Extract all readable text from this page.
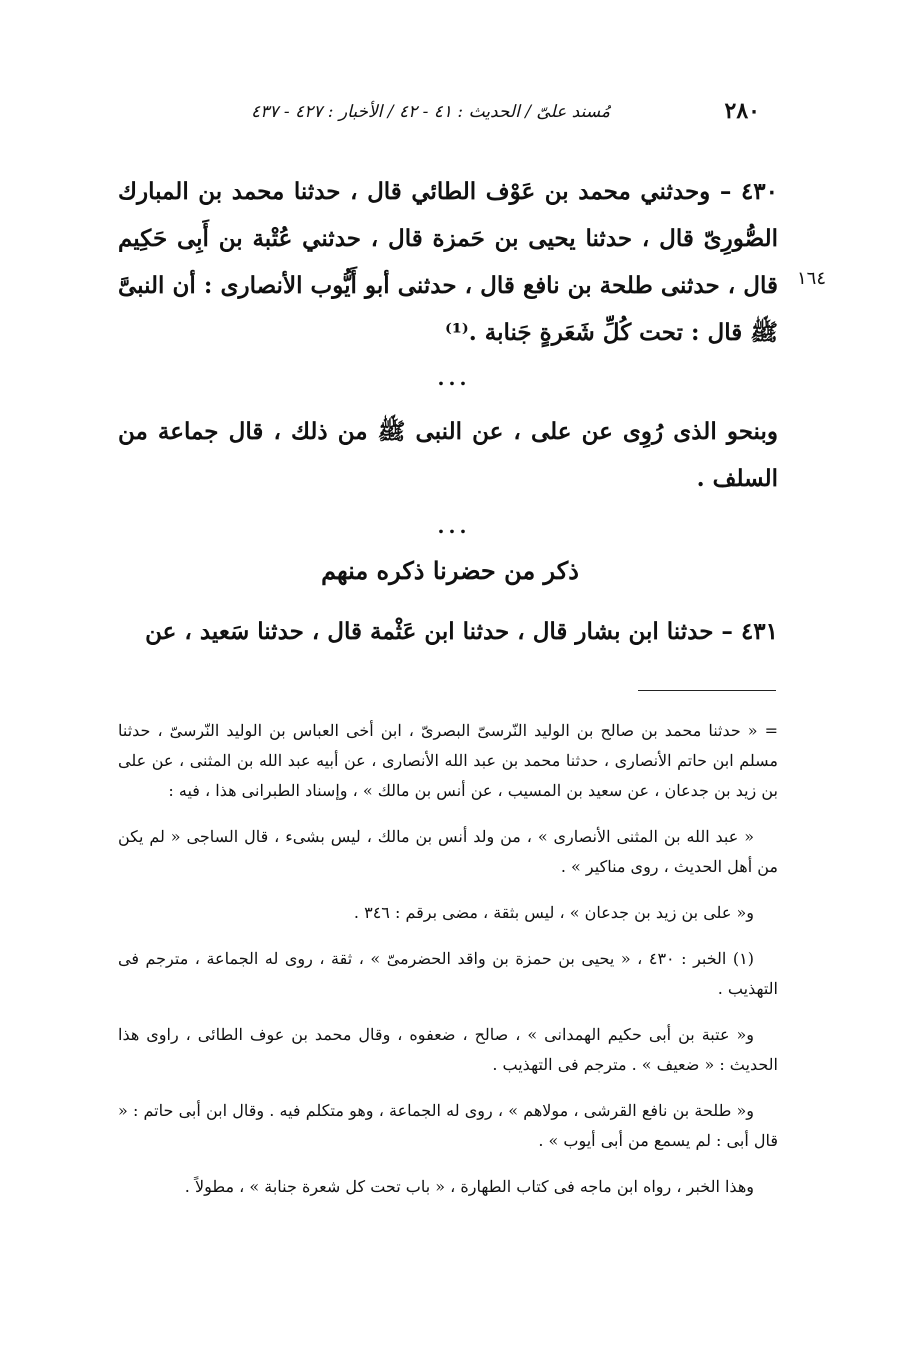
٢٨٠
مُسند علىّ / الحديث : ٤١ - ٤٢ / الأخبار : ٤٢٧ - ٤٣٧
٤٣٠ – وحدثني محمد بن عَوْف الطائي قال ، حدثنا محمد بن المبارك الصُّورِىّ قال ، حدثنا يحيى بن حَمزة قال ، حدثني عُتْبة بن أَبِى حَكِيم قال ، حدثنى طلحة بن نافع قال ، حدثنى أبو أَيُّوب الأنصارى : أن النبىَّ ﷺ قال : تحت كُلِّ شَعَرةٍ جَنابة .⁽¹⁾
١٦٤
...
وبنحو الذى رُوِى عن على ، عن النبى ﷺ من ذلك ، قال جماعة من السلف .
...
ذكر من حضرنا ذكره منهم
٤٣١ – حدثنا ابن بشار قال ، حدثنا ابن عَثْمة قال ، حدثنا سَعيد ، عن

= « حدثنا محمد بن صالح بن الوليد النّرسىّ البصرىّ ، ابن أخى العباس بن الوليد النّرسىّ ، حدثنا مسلم ابن حاتم الأنصارى ، حدثنا محمد بن عبد الله الأنصارى ، عن أبيه عبد الله بن المثنى ، عن على بن زيد بن جدعان ، عن سعيد بن المسيب ، عن أنس بن مالك » ، وإسناد الطبرانى هذا ، فيه :

« عبد الله بن المثنى الأنصارى » ، من ولد أنس بن مالك ، ليس بشىء ، قال الساجى « لم يكن من أهل الحديث ، روى مناكير » .

و« على بن زيد بن جدعان » ، ليس بثقة ، مضى برقم : ٣٤٦ .

(١) الخبر : ٤٣٠ ، « يحيى بن حمزة بن واقد الحضرمىّ » ، ثقة ، روى له الجماعة ، مترجم فى التهذيب .

و« عتبة بن أبى حكيم الهمدانى » ، صالح ، ضعفوه ، وقال محمد بن عوف الطائى ، راوى هذا الحديث : « ضعيف » . مترجم فى التهذيب .

و« طلحة بن نافع القرشى ، مولاهم » ، روى له الجماعة ، وهو متكلم فيه . وقال ابن أبى حاتم : « قال أبى : لم يسمع من أبى أيوب » .

وهذا الخبر ، رواه ابن ماجه فى كتاب الطهارة ، « باب تحت كل شعرة جنابة » ، مطولاً .
